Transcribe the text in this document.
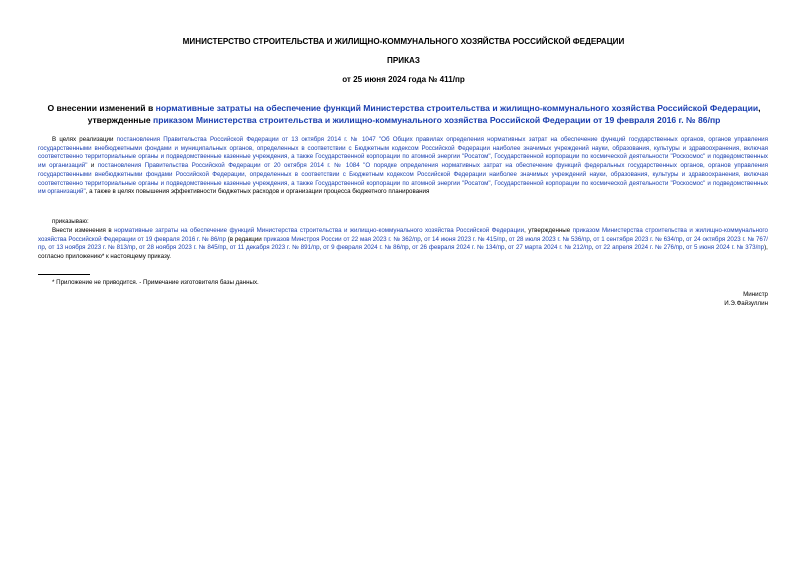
МИНИСТЕРСТВО СТРОИТЕЛЬСТВА И ЖИЛИЩНО-КОММУНАЛЬНОГО ХОЗЯЙСТВА РОССИЙСКОЙ ФЕДЕРАЦИИ
ПРИКАЗ
от 25 июня 2024 года № 411/пр
О внесении изменений в нормативные затраты на обеспечение функций Министерства строительства и жилищно-коммунального хозяйства Российской Федерации, утвержденные приказом Министерства строительства и жилищно-коммунального хозяйства Российской Федерации от 19 февраля 2016 г. № 86/пр
В целях реализации постановления Правительства Российской Федерации от 13 октября 2014 г. № 1047 "Об Общих правилах определения нормативных затрат на обеспечение функций государственных органов, органов управления государственными внебюджетными фондами и муниципальных органов, определенных в соответствии с Бюджетным кодексом Российской Федерации наиболее значимых учреждений науки, образования, культуры и здравоохранения, включая соответственно территориальные органы и подведомственные казенные учреждения, а также Государственной корпорации по атомной энергии "Росатом", Государственной корпорации по космической деятельности "Роскосмос" и подведомственных им организаций" и постановления Правительства Российской Федерации от 20 октября 2014 г. № 1084 "О порядке определения нормативных затрат на обеспечение функций федеральных государственных органов, органов управления государственными внебюджетными фондами Российской Федерации, определенных в соответствии с Бюджетным кодексом Российской Федерации наиболее значимых учреждений науки, образования, культуры и здравоохранения, включая соответственно территориальные органы и подведомственные казенные учреждения, а также Государственной корпорации по атомной энергии "Росатом", Государственной корпорации по космической деятельности "Роскосмос" и подведомственных им организаций", а также в целях повышения эффективности бюджетных расходов и организации процесса бюджетного планирования
приказываю:
Внести изменения в нормативные затраты на обеспечение функций Министерства строительства и жилищно-коммунального хозяйства Российской Федерации, утвержденные приказом Министерства строительства и жилищно-коммунального хозяйства Российской Федерации от 19 февраля 2016 г. № 86/пр (в редакции приказов Минстроя России от 22 мая 2023 г. № 362/пр, от 14 июня 2023 г. № 415/пр, от 28 июля 2023 г. № 536/пр, от 1 сентября 2023 г. № 634/пр, от 24 октября 2023 г. № 767/пр, от 13 ноября 2023 г. № 813/пр, от 28 ноября 2023 г. № 845/пр, от 11 декабря 2023 г. № 891/пр, от 9 февраля 2024 г. № 86/пр, от 26 февраля 2024 г. № 134/пр, от 27 марта 2024 г. № 212/пр, от 22 апреля 2024 г. № 276/пр, от 5 июня 2024 г. № 373/пр), согласно приложению* к настоящему приказу.
* Приложение не приводится. - Примечание изготовителя базы данных.
Министр
И.Э.Файзуллин
